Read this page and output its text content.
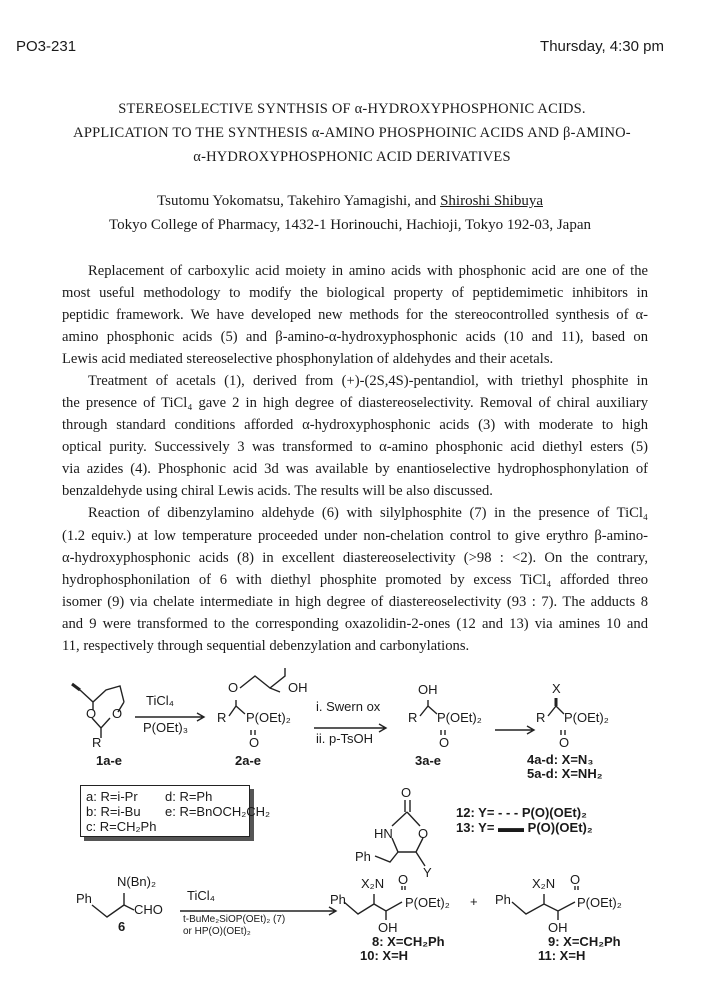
PO3-231	Thursday, 4:30 pm
STEREOSELECTIVE SYNTHSIS OF α-HYDROXYPHOSPHONIC ACIDS.
APPLICATION TO THE SYNTHESIS α-AMINO PHOSPHOINIC ACIDS AND β-AMINO-
α-HYDROXYPHOSPHONIC ACID DERIVATIVES
Tsutomu Yokomatsu, Takehiro Yamagishi, and Shiroshi Shibuya
Tokyo College of Pharmacy, 1432-1 Horinouchi, Hachioji, Tokyo 192-03, Japan
Replacement of carboxylic acid moiety in amino acids with phosphonic acid are one of the
most useful methodology to modify the biological property of peptidemimetic inhibitors in
peptidic framework. We have developed new methods for the stereocontrolled synthesis of α-
amino phosphonic acids (5) and β-amino-α-hydroxyphosphonic acids (10 and 11), based on
Lewis acid mediated stereoselective phosphonylation of aldehydes and their acetals.
Treatment of acetals (1), derived from (+)-(2S,4S)-pentandiol, with triethyl phosphite in
the presence of TiCl₄ gave 2 in high degree of diastereoselectivity. Removal of chiral auxiliary
through standard conditions afforded α-hydroxyphosphonic acids (3) with moderate to high
optical purity. Successively 3 was transformed to α-amino phosphonic acid diethyl esters (5)
via azides (4). Phosphonic acid 3d was available by enantioselective hydrophosphonylation of
benzaldehyde using chiral Lewis acids. The results will be also discussed.
Reaction of dibenzylamino aldehyde (6) with silylphosphite (7) in the presence of TiCl₄
(1.2 equiv.) at low temperature proceeded under non-chelation control to give erythro β-amino-
α-hydroxyphosphonic acids (8) in excellent diastereoselectivity (>98 : <2). On the contrary,
hydrophosphonilation of 6 with diethyl phosphite promoted by excess TiCl₄ afforded threo
isomer (9) via chelate intermediate in high degree of diastereoselectivity (93 : 7). The adducts 8
and 9 were transformed to the corresponding oxazolidin-2-ones (12 and 13) via amines 10 and
11, respectively through sequential debenzylation and carbonylations.
R
O O
1a-e
TiCl₄
P(OEt)₃
O	OH
R P(OEt)₂
O
2a-e
i. Swern ox
ii. p-TsOH
OH
R P(OEt)₂
O
3a-e
X
R P(OEt)₂
O
4a-d: X=N₃
5a-d: X=NH₂
a: R=i-Pr
b: R=i-Bu
c: R=CH₂Ph
d: R=Ph
e: R=BnOCH₂CH₂
O
HN O
Ph
Y
12: Y= - - - P(O)(OEt)₂
13: Y= ▬▬ P(O)(OEt)₂
N(Bn)₂
Ph
CHO
6
TiCl₄
t-BuMe₂SiOP(OEt)₂ (7)
or HP(O)(OEt)₂
X₂N O
Ph	P(OEt)₂
OH
8: X=CH₂Ph
10: X=H
+
X₂N O
Ph	P(OEt)₂
OH
9: X=CH₂Ph
11: X=H
